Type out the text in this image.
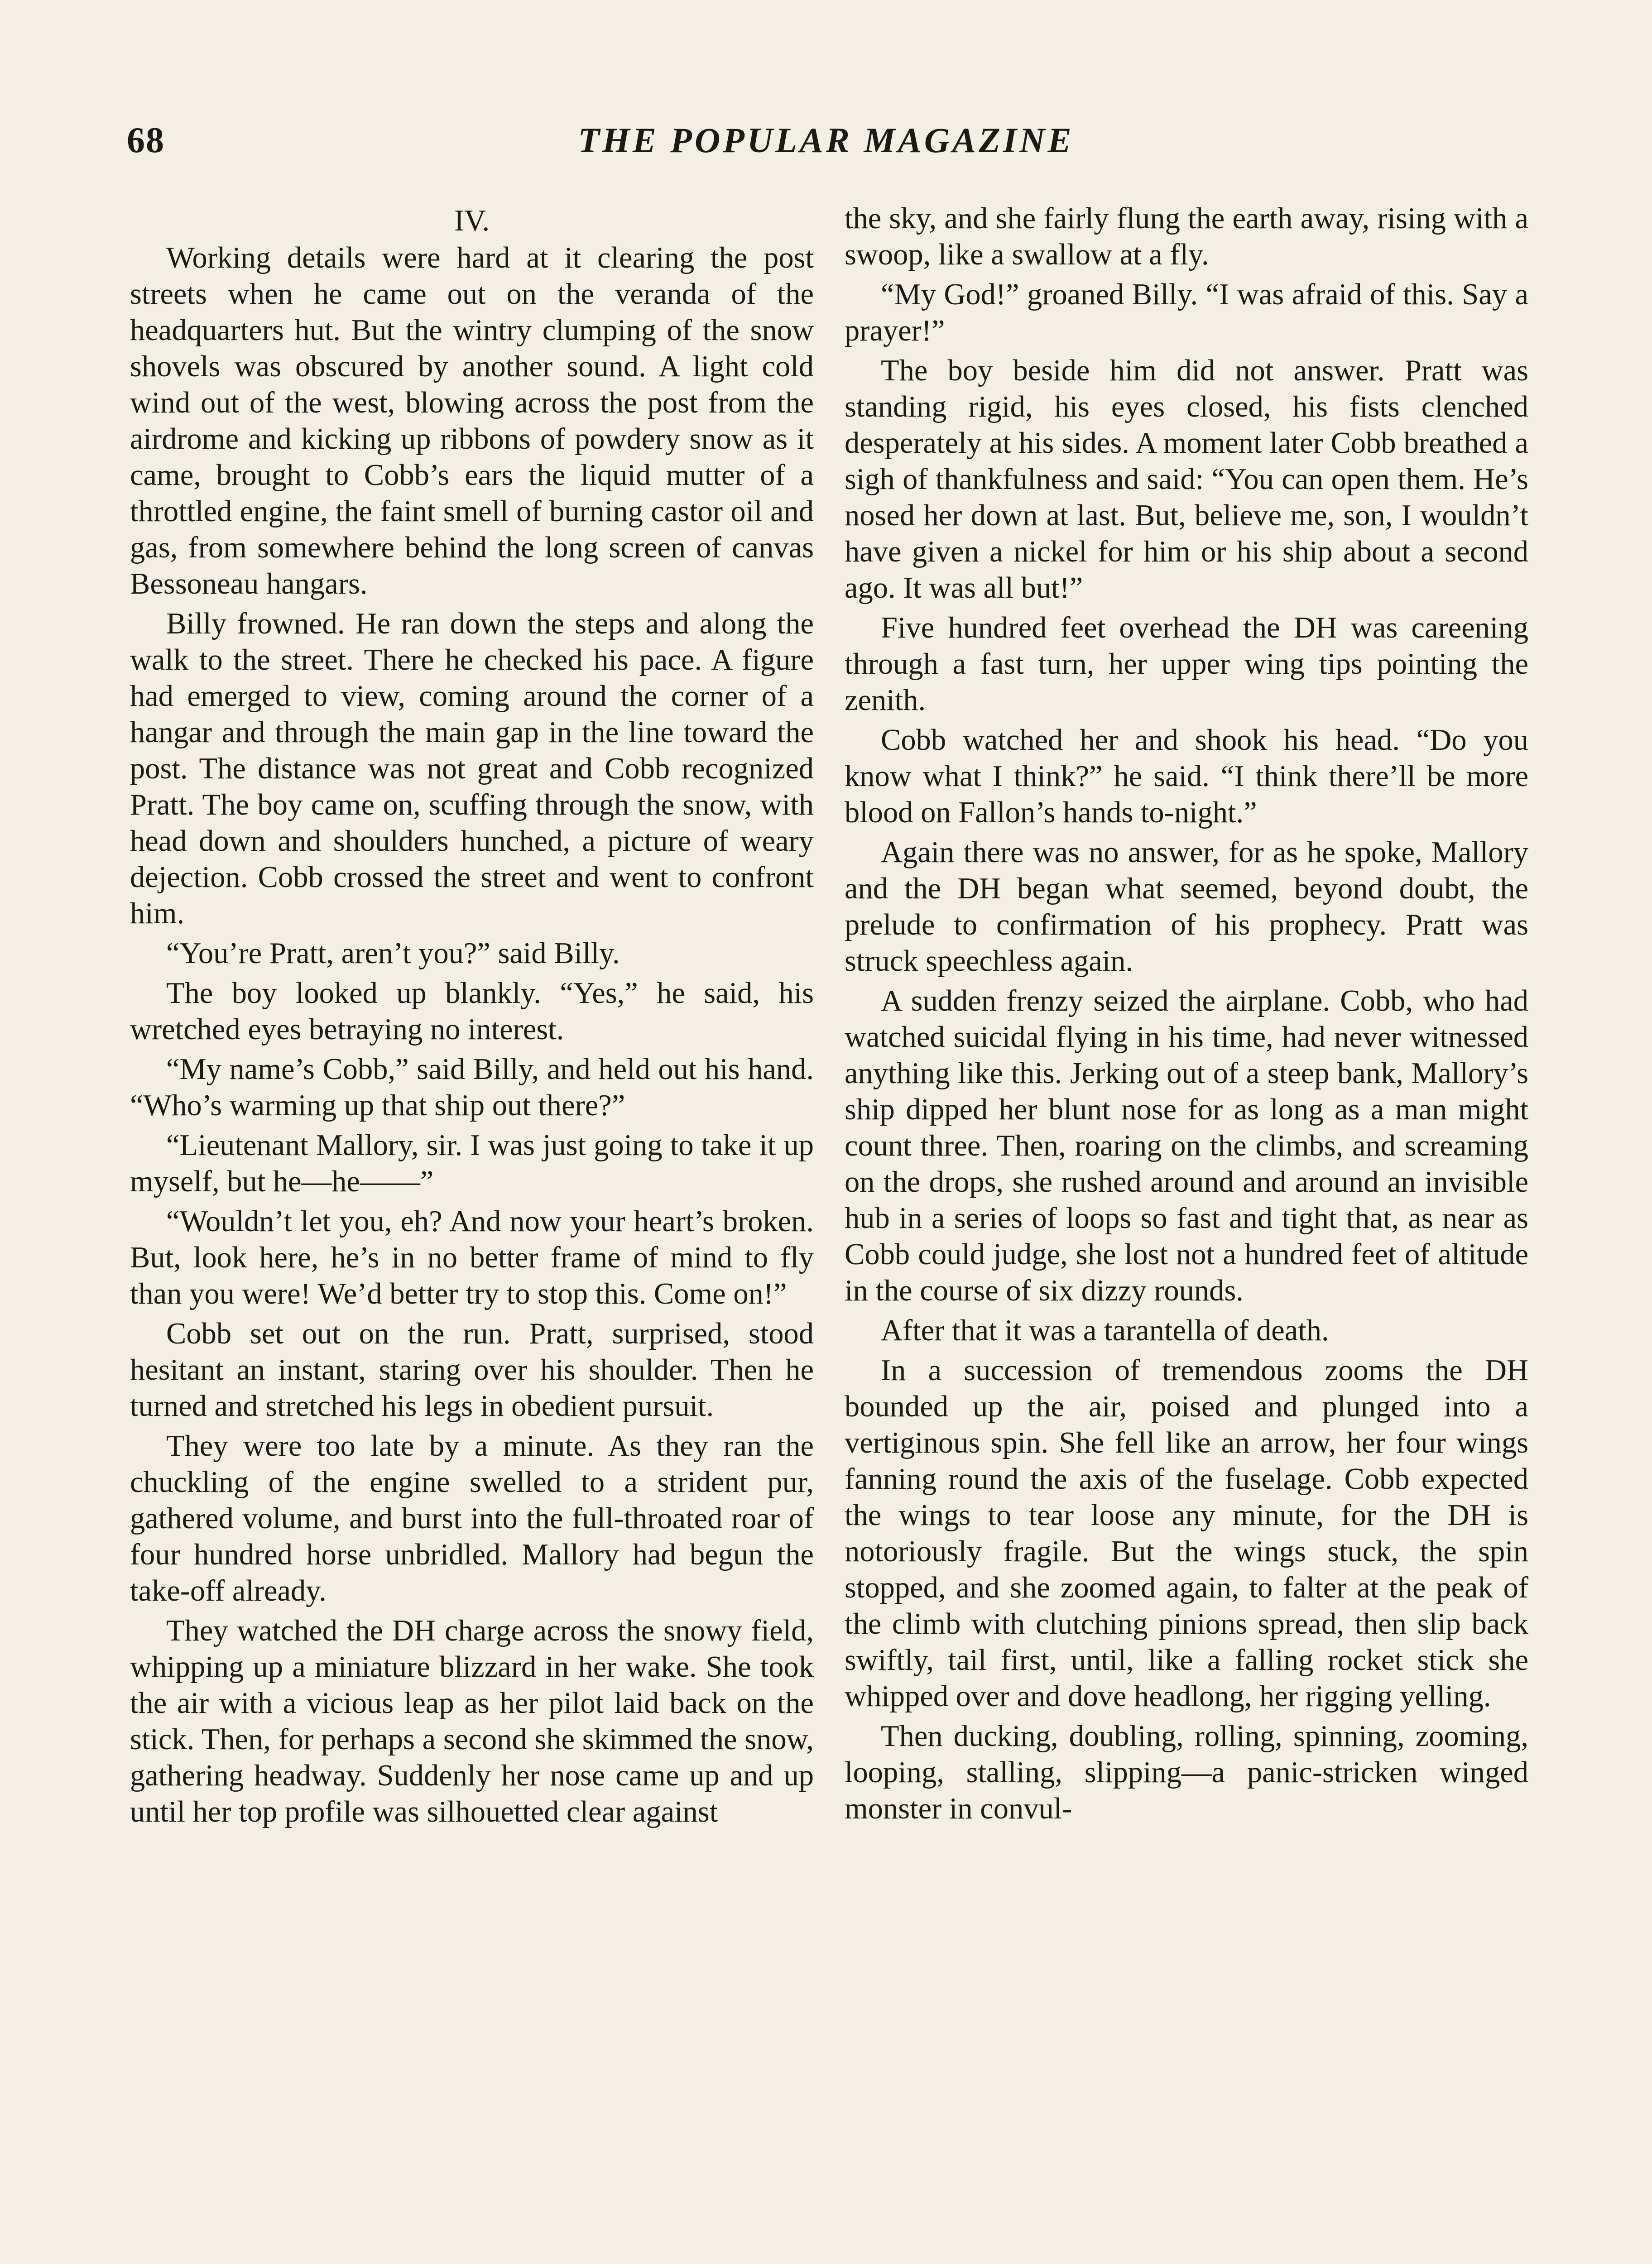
68	THE POPULAR MAGAZINE
IV.

Working details were hard at it clearing the post streets when he came out on the veranda of the headquarters hut. But the wintry clumping of the snow shovels was obscured by another sound. A light cold wind out of the west, blowing across the post from the airdrome and kicking up ribbons of powdery snow as it came, brought to Cobb’s ears the liquid mutter of a throttled engine, the faint smell of burning castor oil and gas, from somewhere behind the long screen of canvas Bessoneau hangars.

Billy frowned. He ran down the steps and along the walk to the street. There he checked his pace. A figure had emerged to view, coming around the corner of a hangar and through the main gap in the line toward the post. The distance was not great and Cobb recognized Pratt. The boy came on, scuffing through the snow, with head down and shoulders hunched, a picture of weary dejection. Cobb crossed the street and went to confront him.

“You’re Pratt, aren’t you?” said Billy.

The boy looked up blankly. “Yes,” he said, his wretched eyes betraying no interest.

“My name’s Cobb,” said Billy, and held out his hand. “Who’s warming up that ship out there?”

“Lieutenant Mallory, sir. I was just going to take it up myself, but he—he——”

“Wouldn’t let you, eh? And now your heart’s broken. But, look here, he’s in no better frame of mind to fly than you were! We’d better try to stop this. Come on!”

Cobb set out on the run. Pratt, surprised, stood hesitant an instant, staring over his shoulder. Then he turned and stretched his legs in obedient pursuit.

They were too late by a minute. As they ran the chuckling of the engine swelled to a strident pur, gathered volume, and burst into the full-throated roar of four hundred horse unbridled. Mallory had begun the take-off already.

They watched the DH charge across the snowy field, whipping up a miniature blizzard in her wake. She took the air with a vicious leap as her pilot laid back on the stick. Then, for perhaps a second she skimmed the snow, gathering headway. Suddenly her nose came up and up until her top profile was silhouetted clear against

the sky, and she fairly flung the earth away, rising with a swoop, like a swallow at a fly.

“My God!” groaned Billy. “I was afraid of this. Say a prayer!”

The boy beside him did not answer. Pratt was standing rigid, his eyes closed, his fists clenched desperately at his sides. A moment later Cobb breathed a sigh of thankfulness and said: “You can open them. He’s nosed her down at last. But, believe me, son, I wouldn’t have given a nickel for him or his ship about a second ago. It was all but!”

Five hundred feet overhead the DH was careening through a fast turn, her upper wing tips pointing the zenith.

Cobb watched her and shook his head. “Do you know what I think?” he said. “I think there’ll be more blood on Fallon’s hands to-night.”

Again there was no answer, for as he spoke, Mallory and the DH began what seemed, beyond doubt, the prelude to confirmation of his prophecy. Pratt was struck speechless again.

A sudden frenzy seized the airplane. Cobb, who had watched suicidal flying in his time, had never witnessed anything like this. Jerking out of a steep bank, Mallory’s ship dipped her blunt nose for as long as a man might count three. Then, roaring on the climbs, and screaming on the drops, she rushed around and around an invisible hub in a series of loops so fast and tight that, as near as Cobb could judge, she lost not a hundred feet of altitude in the course of six dizzy rounds.

After that it was a tarantella of death.

In a succession of tremendous zooms the DH bounded up the air, poised and plunged into a vertiginous spin. She fell like an arrow, her four wings fanning round the axis of the fuselage. Cobb expected the wings to tear loose any minute, for the DH is notoriously fragile. But the wings stuck, the spin stopped, and she zoomed again, to falter at the peak of the climb with clutching pinions spread, then slip back swiftly, tail first, until, like a falling rocket stick she whipped over and dove headlong, her rigging yelling.

Then ducking, doubling, rolling, spinning, zooming, looping, stalling, slipping—a panic-stricken winged monster in convul-
